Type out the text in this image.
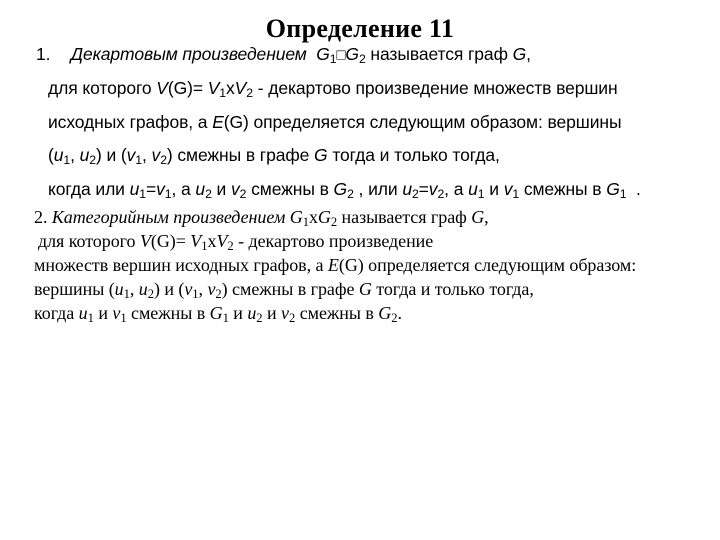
Определение 11
1. Декартовым произведением $G_1□G_2$ называется граф G,
для которого $V(G)= V_1xV_2$ - декартово произведение множеств вершин
исходных графов, а E(G) определяется следующим образом: вершины
($u_1$, $u_2$) и ($v_1$, $v_2$) смежны в графе G тогда и только тогда,
когда или $u_1=v_1$, а $u_2$ и $v_2$ смежны в $G_2$ , или $u_2=v_2$, а $u_1$ и $v_1$ смежны в $G_1$ .
2. Категорийным произведением $G_1xG_2$ называется граф G,
для которого $V(G)= V_1xV_2$ - декартово произведение
множеств вершин исходных графов, а E(G) определяется следующим образом:
вершины ($u_1$, $u_2$) и ($v_1$, $v_2$) смежны в графе G тогда и только тогда,
когда $u_1$ и $v_1$ смежны в $G_1$ и $u_2$ и $v_2$ смежны в $G_2$.
